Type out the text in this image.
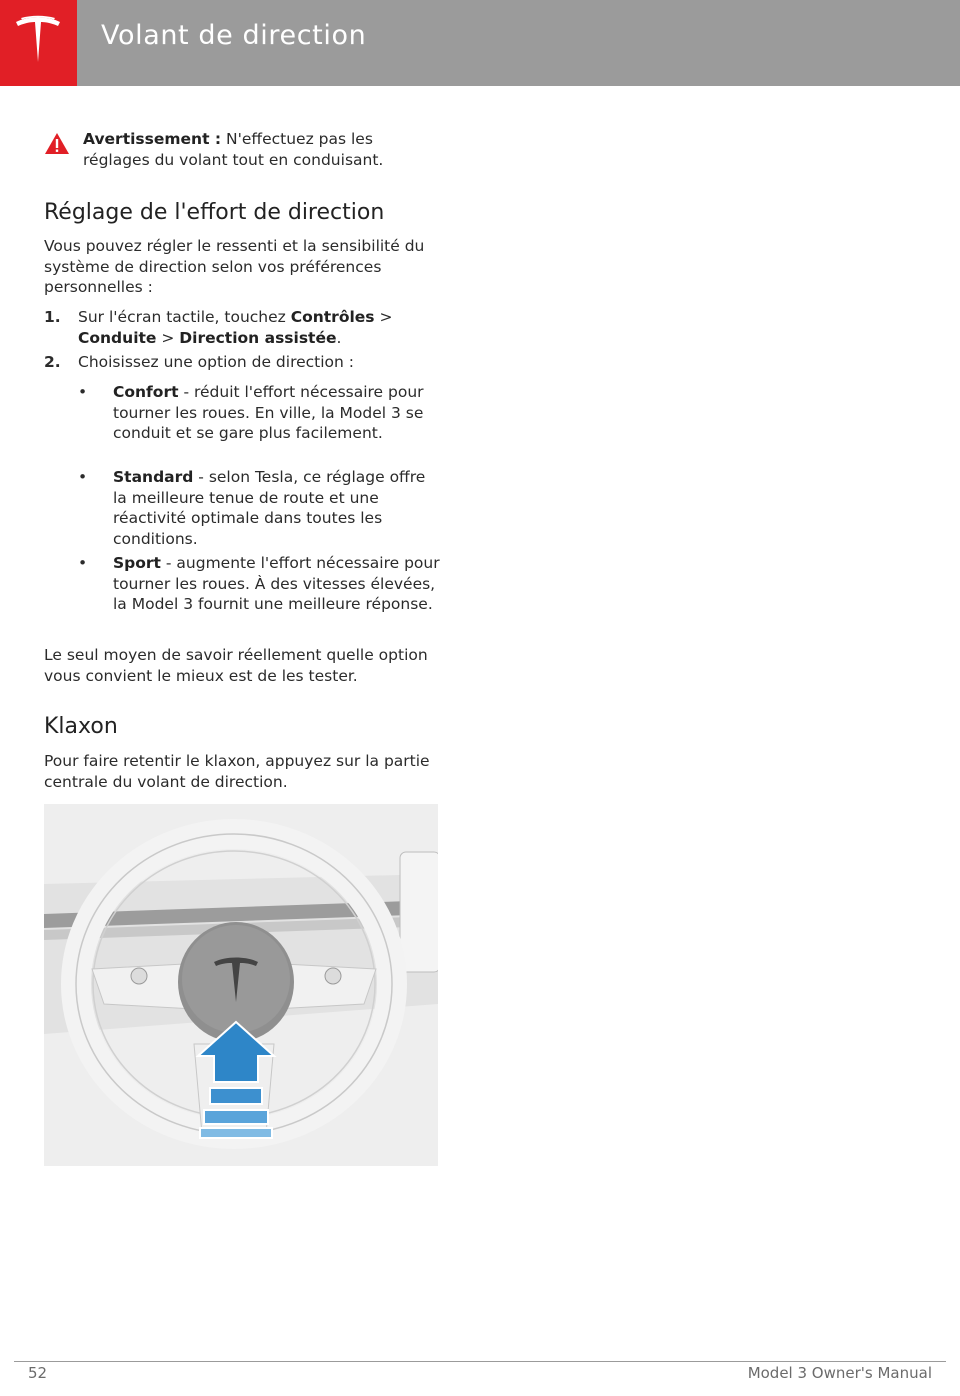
Volant de direction
Avertissement : N'effectuez pas les réglages du volant tout en conduisant.
Réglage de l'effort de direction

Vous pouvez régler le ressenti et la sensibilité du système de direction selon vos préférences personnelles :

1. Sur l'écran tactile, touchez Contrôles > Conduite > Direction assistée.
2. Choisissez une option de direction :
• Confort - réduit l'effort nécessaire pour tourner les roues. En ville, la Model 3 se conduit et se gare plus facilement.
• Standard - selon Tesla, ce réglage offre la meilleure tenue de route et une réactivité optimale dans toutes les conditions.
• Sport - augmente l'effort nécessaire pour tourner les roues. À des vitesses élevées, la Model 3 fournit une meilleure réponse.

Le seul moyen de savoir réellement quelle option vous convient le mieux est de les tester.

Klaxon

Pour faire retentir le klaxon, appuyez sur la partie centrale du volant de direction.

52	Model 3 Owner's Manual
